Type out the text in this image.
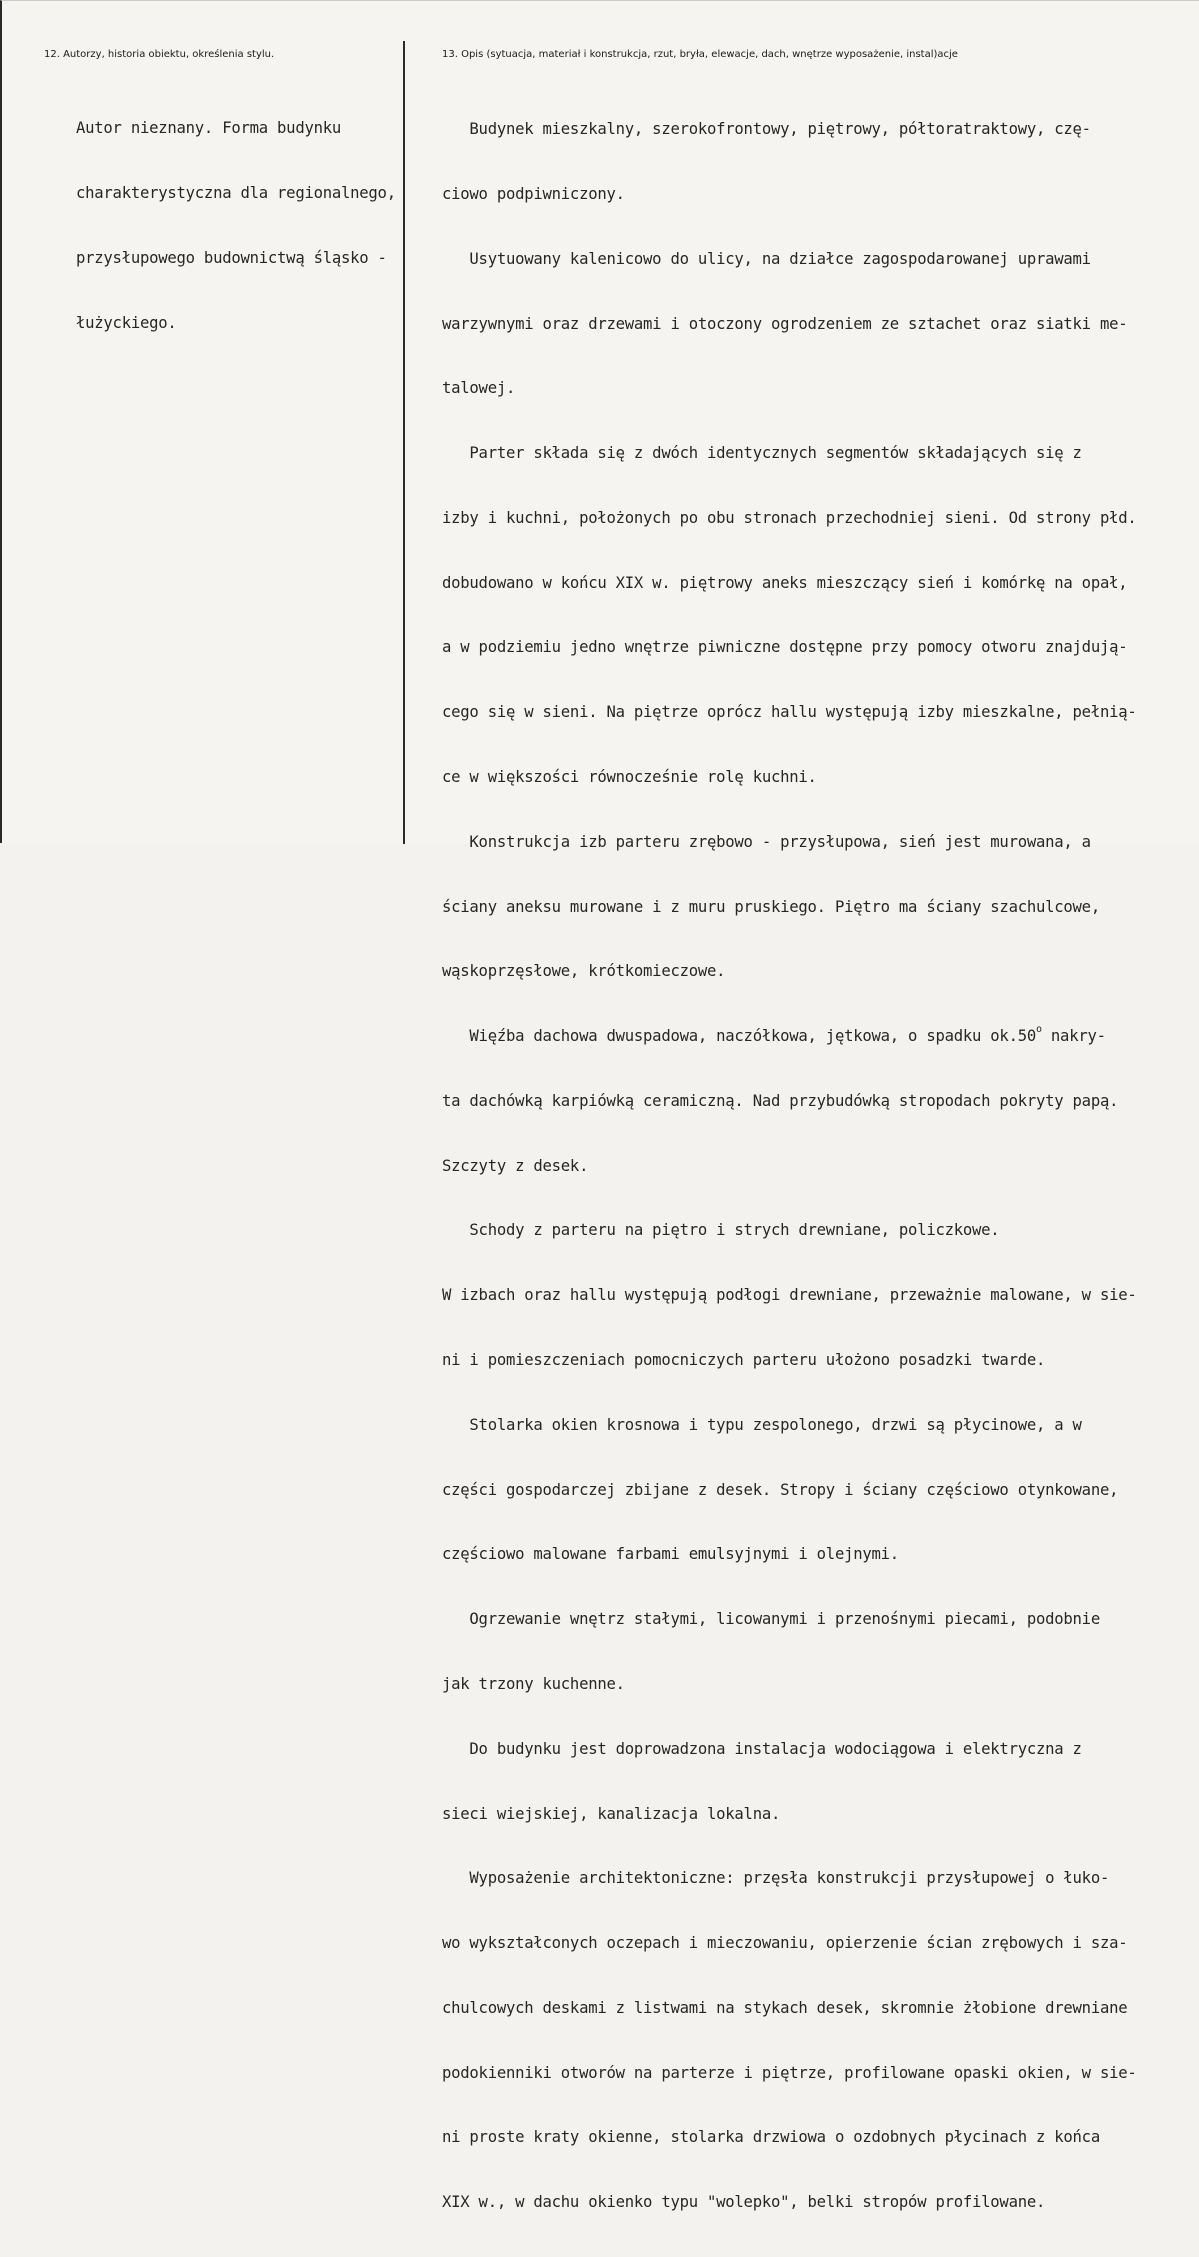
12. Autorzy, historia obiektu, określenia stylu.	13. Opis (sytuacja, materiał i konstrukcja, rzut, bryła, elewacje, dach, wnętrze wyposażenie, instal)acje

Autor nieznany. Forma budynku

charakterystyczna dla regionalnego,

przysłupowego budownictwą śląsko -

łużyckiego.

Budynek mieszkalny, szerokofrontowy, piętrowy, półtoratraktowy, czę-

ciowo podpiwniczony.

Usytuowany kalenicowo do ulicy, na działce zagospodarowanej uprawami

warzywnymi oraz drzewami i otoczony ogrodzeniem ze sztachet oraz siatki me-

talowej.

Parter składa się z dwóch identycznych segmentów składających się z

izby i kuchni, położonych po obu stronach przechodniej sieni. Od strony płd.

dobudowano w końcu XIX w. piętrowy aneks mieszczący sień i komórkę na opał,

a w podziemiu jedno wnętrze piwniczne dostępne przy pomocy otworu znajdują-

cego się w sieni. Na piętrze oprócz hallu występują izby mieszkalne, pełnią-

ce w większości równocześnie rolę kuchni.

Konstrukcja izb parteru zrębowo - przysłupowa, sień jest murowana, a

ściany aneksu murowane i z muru pruskiego. Piętro ma ściany szachulcowe,

wąskoprzęsłowe, krótkomieczowe.

Więźba dachowa dwuspadowa, naczółkowa, jętkowa, o spadku ok.50$^o$ nakry-

ta dachówką karpiówką ceramiczną. Nad przybudówką stropodach pokryty papą.

Szczyty z desek.

Schody z parteru na piętro i strych drewniane, policzkowe.

W izbach oraz hallu występują podłogi drewniane, przeważnie malowane, w sie-

ni i pomieszczeniach pomocniczych parteru ułożono posadzki twarde.

Stolarka okien krosnowa i typu zespolonego, drzwi są płycinowe, a w

części gospodarczej zbijane z desek. Stropy i ściany częściowo otynkowane,

częściowo malowane farbami emulsyjnymi i olejnymi.

Ogrzewanie wnętrz stałymi, licowanymi i przenośnymi piecami, podobnie

jak trzony kuchenne.

Do budynku jest doprowadzona instalacja wodociągowa i elektryczna z

sieci wiejskiej, kanalizacja lokalna.

Wyposażenie architektoniczne: przęsła konstrukcji przysłupowej o łuko-

wo wykształconych oczepach i mieczowaniu, opierzenie ścian zrębowych i sza-

chulcowych deskami z listwami na stykach desek, skromnie żłobione drewniane

podokienniki otworów na parterze i piętrze, profilowane opaski okien, w sie-

ni proste kraty okienne, stolarka drzwiowa o ozdobnych płycinach z końca

XIX w., w dachu okienko typu "wolepko", belki stropów profilowane.
